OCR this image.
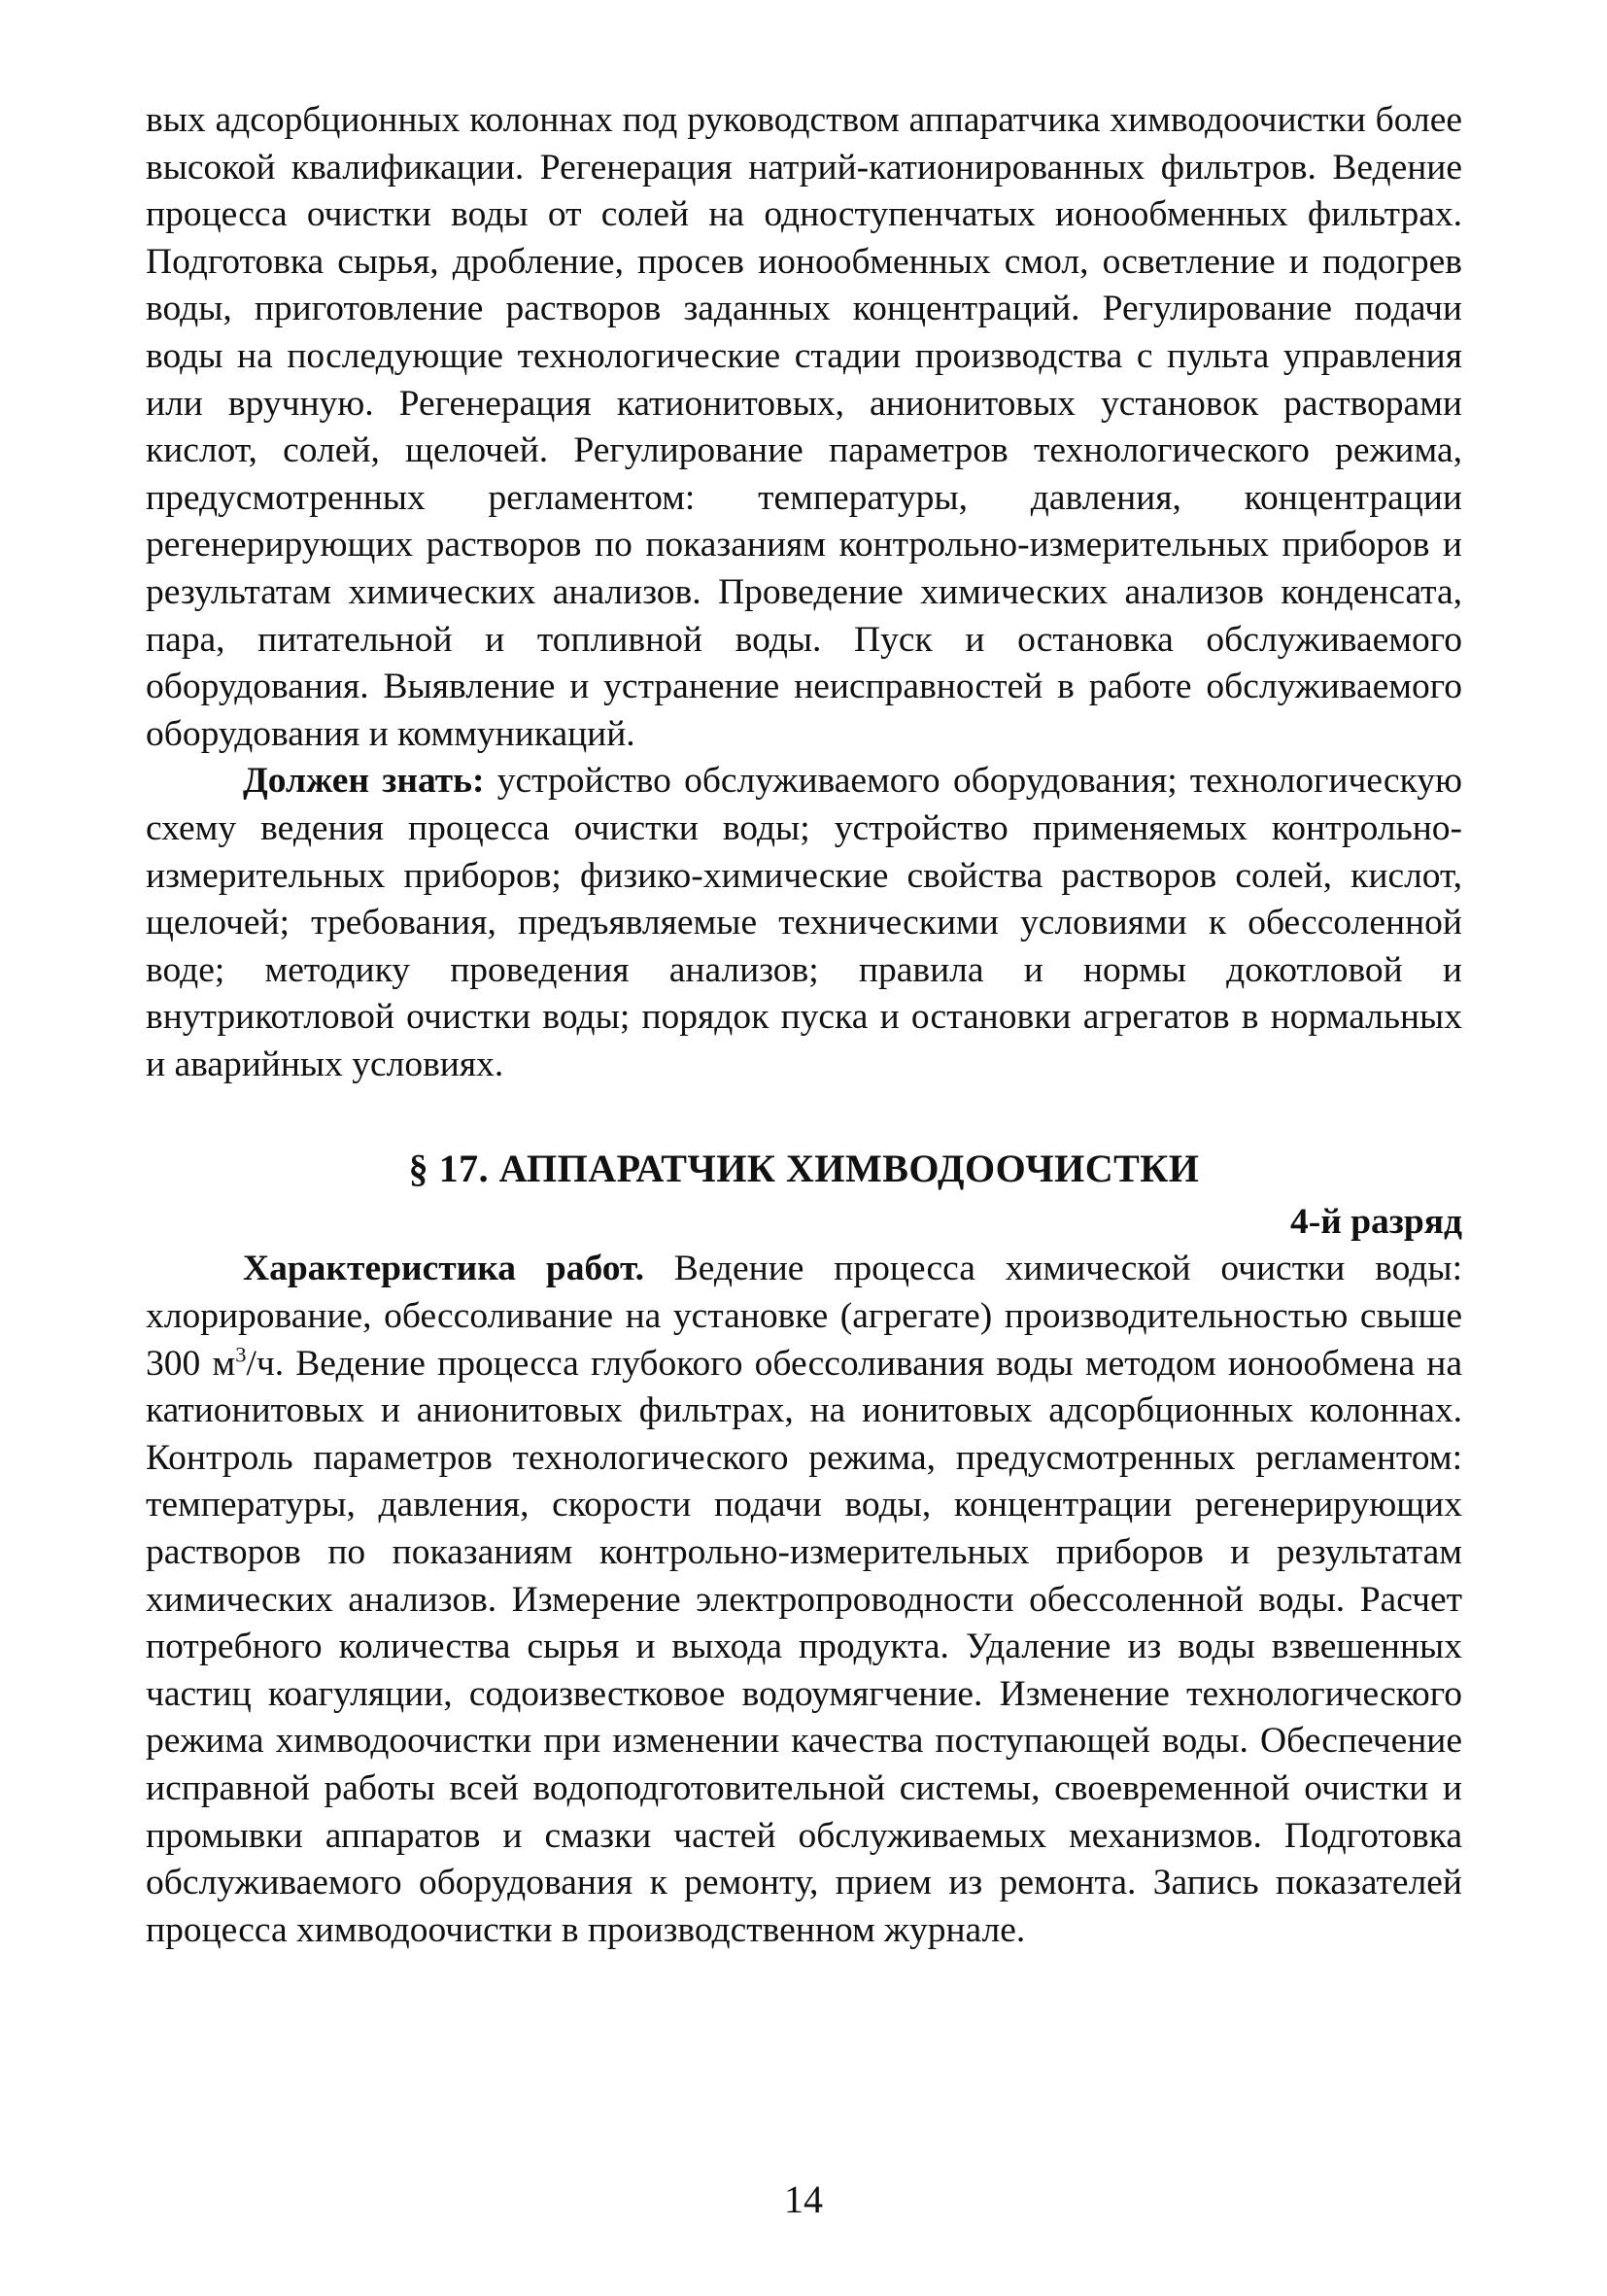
вых адсорбционных колоннах под руководством аппаратчика химводоочистки более высокой квалификации. Регенерация натрий-катионированных фильтров. Ведение процесса очистки воды от солей на одноступенчатых ионообменных фильтрах. Подготовка сырья, дробление, просев ионообменных смол, осветление и подогрев воды, приготовление растворов заданных концентраций. Регулирование подачи воды на последующие технологические стадии производства с пульта управления или вручную. Регенерация катионитовых, анионитовых установок растворами кислот, солей, щелочей. Регулирование параметров технологического режима, предусмотренных регламентом: температуры, давления, концентрации регенерирующих растворов по показаниям контрольно-измерительных приборов и результатам химических анализов. Проведение химических анализов конденсата, пара, питательной и топливной воды. Пуск и остановка обслуживаемого оборудования. Выявление и устранение неисправностей в работе обслуживаемого оборудования и коммуникаций.

Должен знать: устройство обслуживаемого оборудования; технологическую схему ведения процесса очистки воды; устройство применяемых контрольно-измерительных приборов; физико-химические свойства растворов солей, кислот, щелочей; требования, предъявляемые техническими условиями к обессоленной воде; методику проведения анализов; правила и нормы докотловой и внутрикотловой очистки воды; порядок пуска и остановки агрегатов в нормальных и аварийных условиях.

§ 17. АППАРАТЧИК ХИМВОДООЧИСТКИ
4-й разряд

Характеристика работ. Ведение процесса химической очистки воды: хлорирование, обессоливание на установке (агрегате) производительностью свыше 300 $м^3/ч$. Ведение процесса глубокого обессоливания воды методом ионообмена на катионитовых и анионитовых фильтрах, на ионитовых адсорбционных колоннах. Контроль параметров технологического режима, предусмотренных регламентом: температуры, давления, скорости подачи воды, концентрации регенерирующих растворов по показаниям контрольно-измерительных приборов и результатам химических анализов. Измерение электропроводности обессоленной воды. Расчет потребного количества сырья и выхода продукта. Удаление из воды взвешенных частиц коагуляции, содоизвестковое водоумягчение. Изменение технологического режима химводоочистки при изменении качества поступающей воды. Обеспечение исправной работы всей водоподготовительной системы, своевременной очистки и промывки аппаратов и смазки частей обслуживаемых механизмов. Подготовка обслуживаемого оборудования к ремонту, прием из ремонта. Запись показателей процесса химводоочистки в производственном журнале.

14
